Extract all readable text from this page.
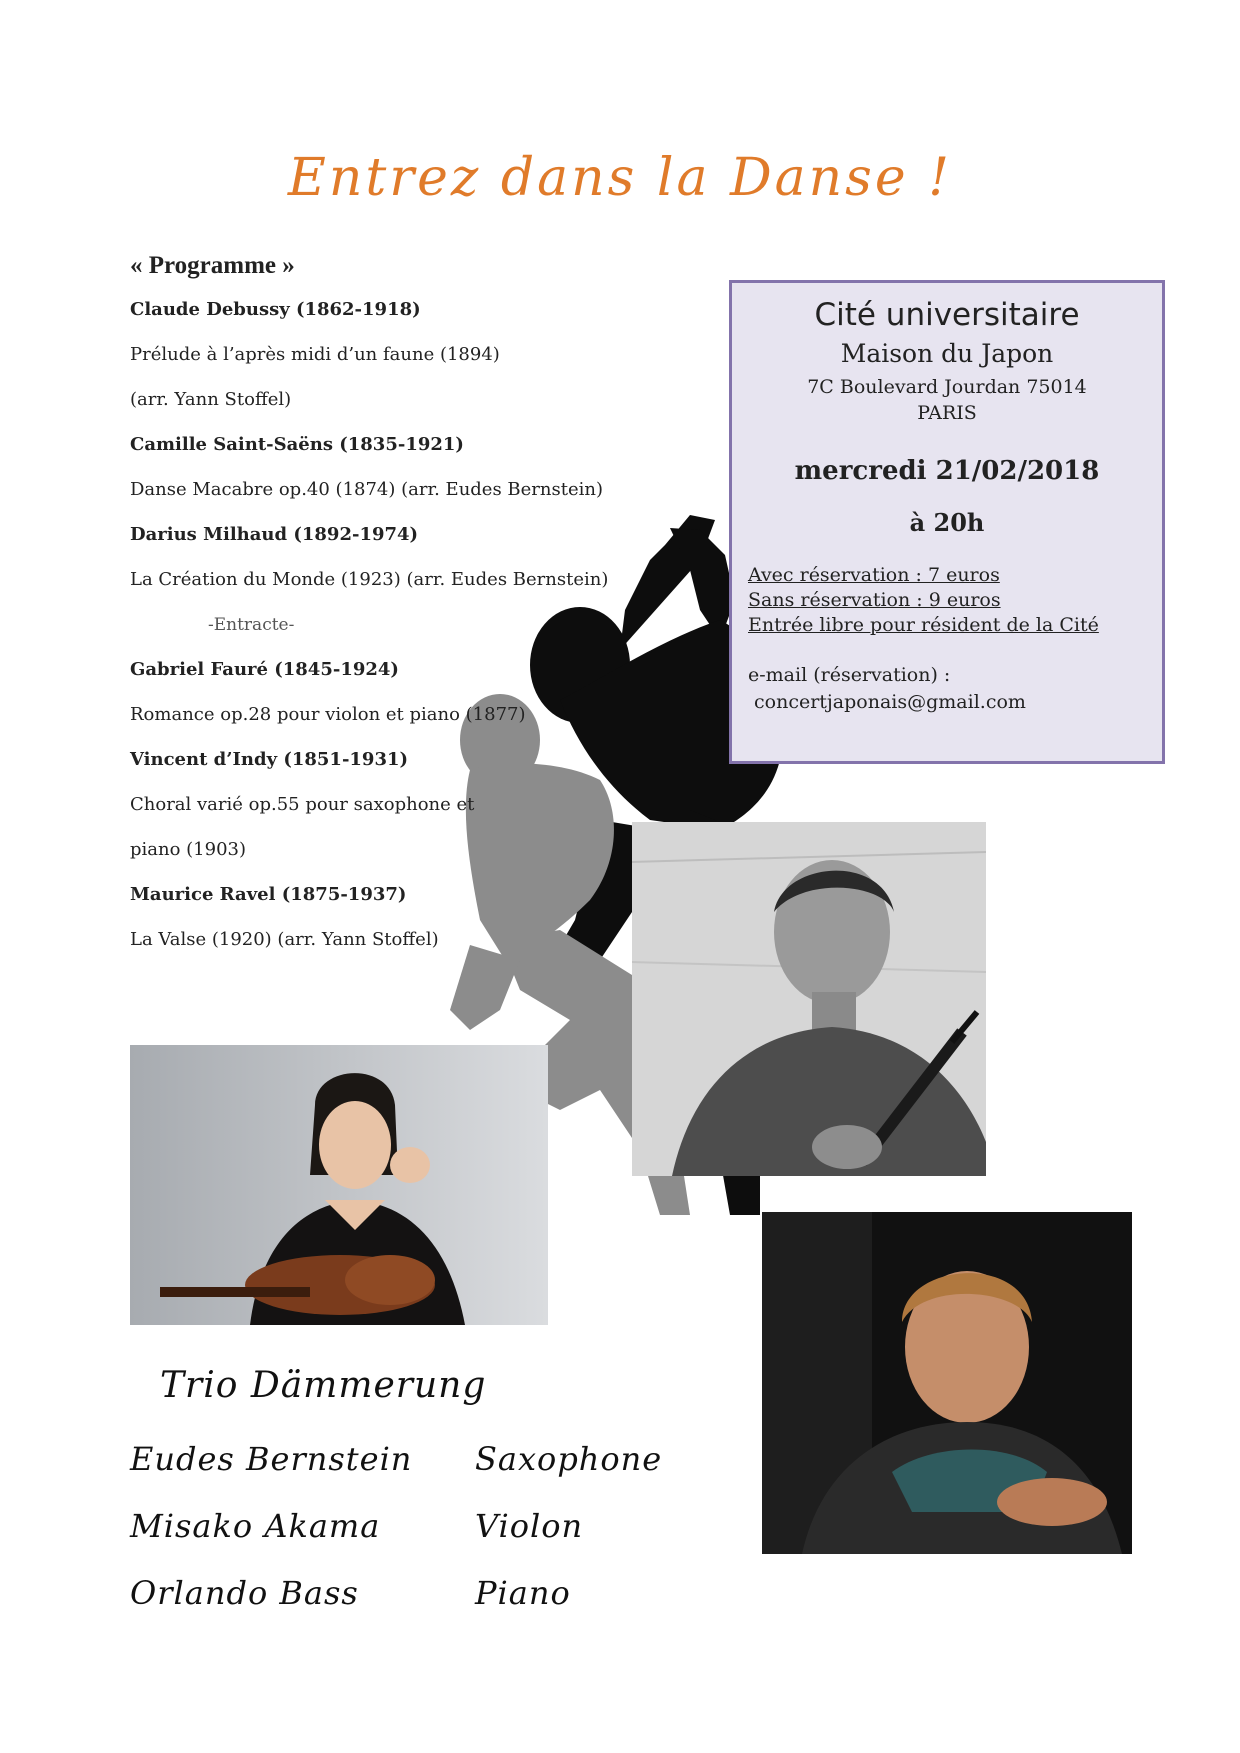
Entrez dans la Danse !
« Programme »
Claude Debussy (1862-1918)
Prélude à l’après midi d’un faune (1894)
(arr. Yann Stoffel)
Camille Saint-Saëns (1835-1921)
Danse Macabre op.40 (1874) (arr. Eudes Bernstein)
Darius Milhaud (1892-1974)
La Création du Monde (1923) (arr. Eudes Bernstein)
-Entracte-
Gabriel Fauré (1845-1924)
Romance op.28 pour violon et piano (1877)
Vincent d’Indy (1851-1931)
Choral varié op.55 pour saxophone et
piano (1903)
Maurice Ravel (1875-1937)
La Valse (1920) (arr. Yann Stoffel)
Cité universitaire
Maison du Japon
7C Boulevard Jourdan 75014
PARIS
mercredi 21/02/2018
à 20h
Avec réservation : 7 euros
Sans réservation : 9 euros
Entrée libre pour résident de la Cité
e-mail (réservation) :
concertjaponais@gmail.com
Trio Dämmerung
Eudes Bernstein Saxophone
Misako Akama	Violon
Orlando Bass	Piano
